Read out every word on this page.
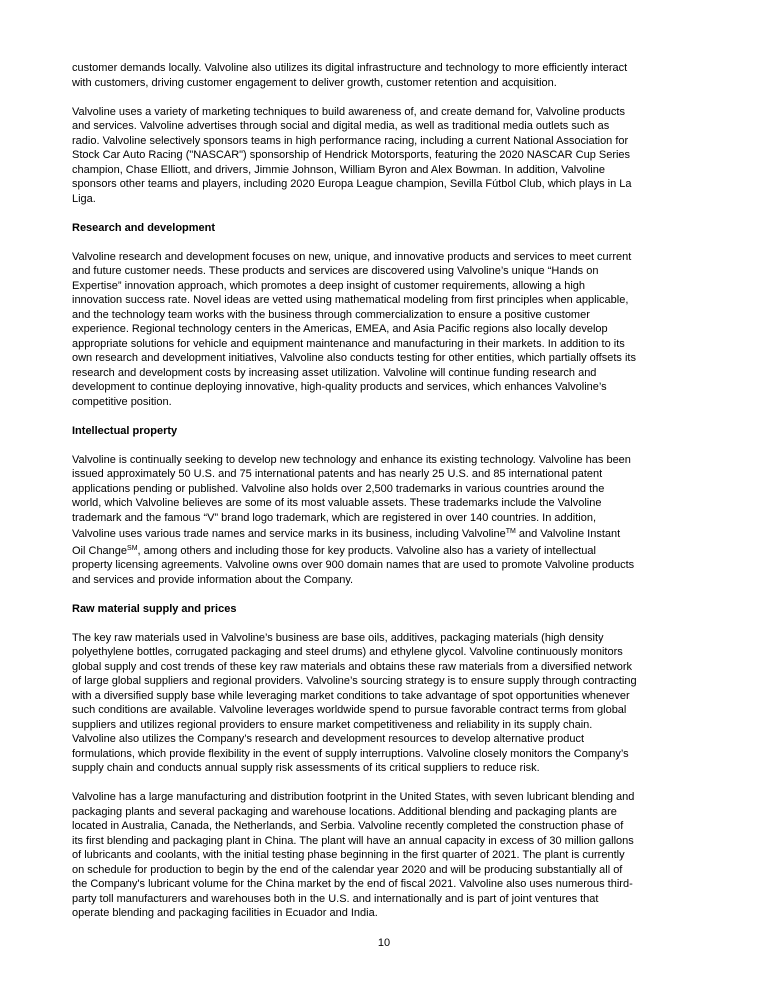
customer demands locally. Valvoline also utilizes its digital infrastructure and technology to more efficiently interact
with customers, driving customer engagement to deliver growth, customer retention and acquisition.
Valvoline uses a variety of marketing techniques to build awareness of, and create demand for, Valvoline products
and services. Valvoline advertises through social and digital media, as well as traditional media outlets such as
radio. Valvoline selectively sponsors teams in high performance racing, including a current National Association for
Stock Car Auto Racing ("NASCAR") sponsorship of Hendrick Motorsports, featuring the 2020 NASCAR Cup Series
champion, Chase Elliott, and drivers, Jimmie Johnson, William Byron and Alex Bowman. In addition, Valvoline
sponsors other teams and players, including 2020 Europa League champion, Sevilla Fútbol Club, which plays in La
Liga.
Research and development
Valvoline research and development focuses on new, unique, and innovative products and services to meet current
and future customer needs. These products and services are discovered using Valvoline’s unique “Hands on
Expertise” innovation approach, which promotes a deep insight of customer requirements, allowing a high
innovation success rate. Novel ideas are vetted using mathematical modeling from first principles when applicable,
and the technology team works with the business through commercialization to ensure a positive customer
experience. Regional technology centers in the Americas, EMEA, and Asia Pacific regions also locally develop
appropriate solutions for vehicle and equipment maintenance and manufacturing in their markets. In addition to its
own research and development initiatives, Valvoline also conducts testing for other entities, which partially offsets its
research and development costs by increasing asset utilization. Valvoline will continue funding research and
development to continue deploying innovative, high-quality products and services, which enhances Valvoline’s
competitive position.
Intellectual property
Valvoline is continually seeking to develop new technology and enhance its existing technology. Valvoline has been
issued approximately 50 U.S. and 75 international patents and has nearly 25 U.S. and 85 international patent
applications pending or published. Valvoline also holds over 2,500 trademarks in various countries around the
world, which Valvoline believes are some of its most valuable assets. These trademarks include the Valvoline
trademark and the famous “V” brand logo trademark, which are registered in over 140 countries. In addition,
Valvoline uses various trade names and service marks in its business, including Valvoline™ and Valvoline Instant
Oil Change℠, among others and including those for key products. Valvoline also has a variety of intellectual
property licensing agreements. Valvoline owns over 900 domain names that are used to promote Valvoline products
and services and provide information about the Company.
Raw material supply and prices
The key raw materials used in Valvoline’s business are base oils, additives, packaging materials (high density
polyethylene bottles, corrugated packaging and steel drums) and ethylene glycol. Valvoline continuously monitors
global supply and cost trends of these key raw materials and obtains these raw materials from a diversified network
of large global suppliers and regional providers. Valvoline’s sourcing strategy is to ensure supply through contracting
with a diversified supply base while leveraging market conditions to take advantage of spot opportunities whenever
such conditions are available. Valvoline leverages worldwide spend to pursue favorable contract terms from global
suppliers and utilizes regional providers to ensure market competitiveness and reliability in its supply chain.
Valvoline also utilizes the Company’s research and development resources to develop alternative product
formulations, which provide flexibility in the event of supply interruptions. Valvoline closely monitors the Company’s
supply chain and conducts annual supply risk assessments of its critical suppliers to reduce risk.
Valvoline has a large manufacturing and distribution footprint in the United States, with seven lubricant blending and
packaging plants and several packaging and warehouse locations. Additional blending and packaging plants are
located in Australia, Canada, the Netherlands, and Serbia. Valvoline recently completed the construction phase of
its first blending and packaging plant in China. The plant will have an annual capacity in excess of 30 million gallons
of lubricants and coolants, with the initial testing phase beginning in the first quarter of 2021. The plant is currently
on schedule for production to begin by the end of the calendar year 2020 and will be producing substantially all of
the Company's lubricant volume for the China market by the end of fiscal 2021. Valvoline also uses numerous third-
party toll manufacturers and warehouses both in the U.S. and internationally and is part of joint ventures that
operate blending and packaging facilities in Ecuador and India.
10
